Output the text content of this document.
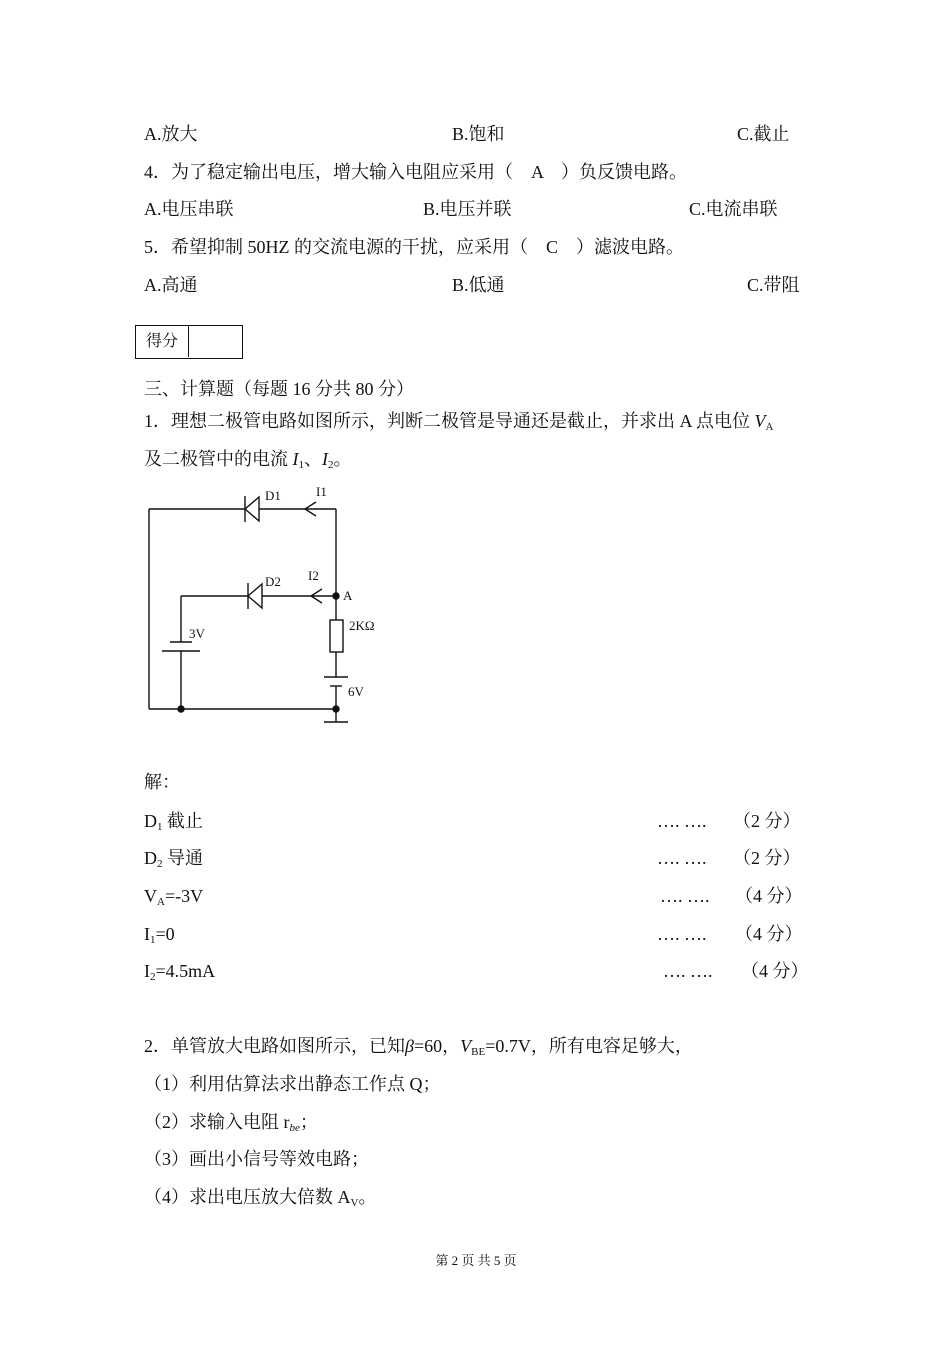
A.放大	B.饱和	C.截止
4．为了稳定输出电压，增大输入电阻应采用（　A　）负反馈电路。
A.电压串联	B.电压并联	C.电流串联
5．希望抑制 50HZ 的交流电源的干扰，应采用（　C　）滤波电路。
A.高通	B.低通	C.带阻
得分
三、计算题（每题 16 分共 80 分）
1．理想二极管电路如图所示，判断二极管是导通还是截止，并求出 A 点电位 VA
及二极管中的电流 I1、I2。
D1	I1
D2 I2
A
2KΩ
3V
6V
解：
D1 截止	…. …. （2 分）
D2 导通	…. …. （2 分）
VA=-3V	…. …. （4 分）
I1=0	…. …. （4 分）
I2=4.5mA	…. …. （4 分）
2．单管放大电路如图所示，已知β=60，VBE=0.7V，所有电容足够大，
（1）利用估算法求出静态工作点 Q；
（2）求输入电阻 rbe；
（3）画出小信号等效电路；
（4）求出电压放大倍数 AV。
第 2 页 共 5 页
